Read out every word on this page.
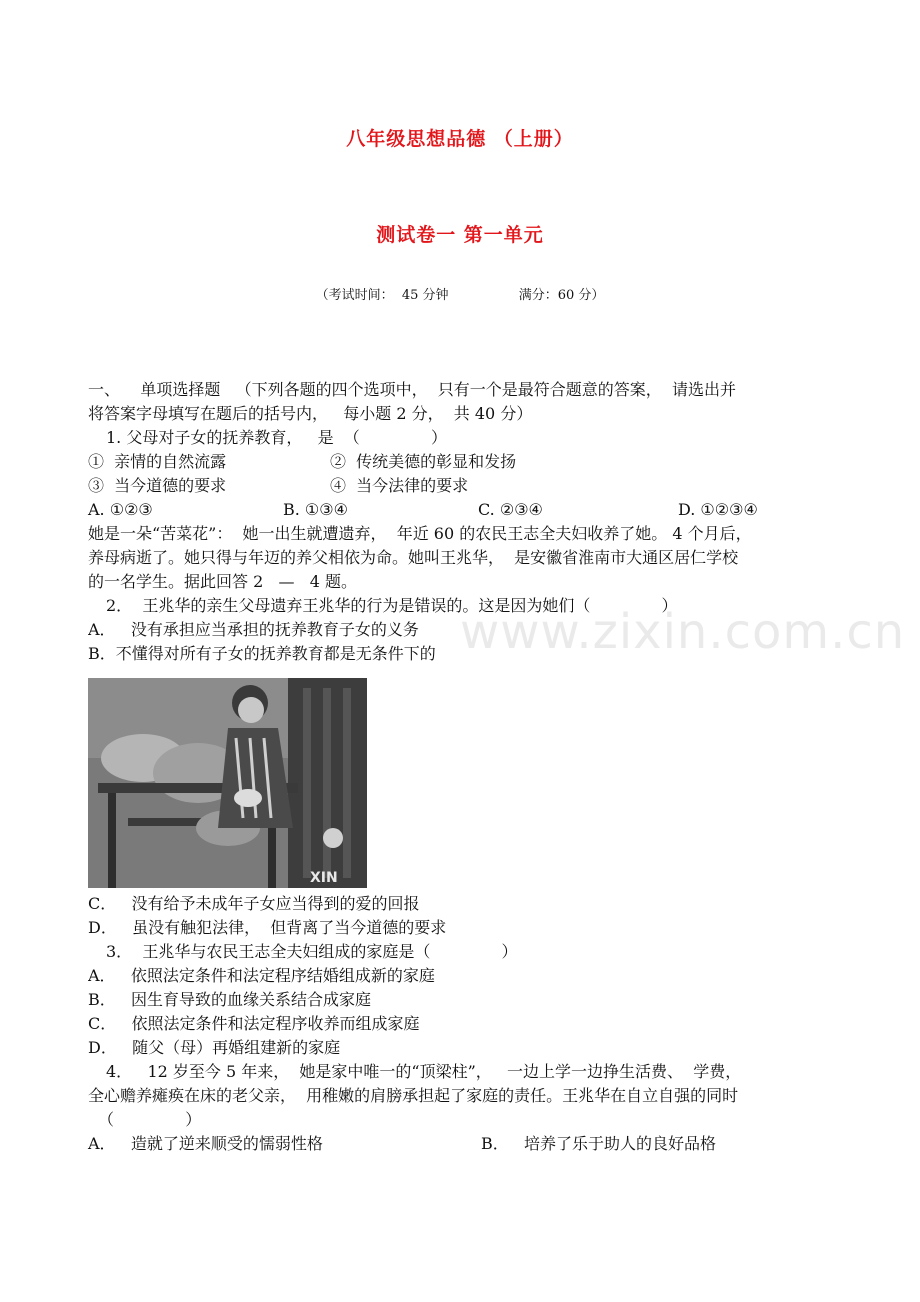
八年级思想品德 （上册）
测试卷一 第一单元
（考试时间：  45 分钟                 满分：60 分）
一、    单项选择题   （下列各题的四个选项中，  只有一个是最符合题意的答案，  请选出并
将答案字母填写在题后的括号内，   每小题 2 分，  共 40 分）
1. 父母对子女的抚养教育，   是  （              ）
①  亲情的自然流露	②  传统美德的彰显和发扬
③  当今道德的要求	④  当今法律的要求
A. ①②③	B. ①③④	C. ②③④	D. ①②③④
她是一朵“苦菜花”：  她一出生就遭遗弃，  年近 60 的农民王志全夫妇收养了她。 4 个月后，
养母病逝了。她只得与年迈的养父相依为命。她叫王兆华，  是安徽省淮南市大通区居仁学校
的一名学生。据此回答 2   —   4 题。
2．  王兆华的亲生父母遗弃王兆华的行为是错误的。这是因为她们（              ）
A．   没有承担应当承担的抚养教育子女的义务
B．不懂得对所有子女的抚养教育都是无条件下的
XIN
C．   没有给予未成年子女应当得到的爱的回报
D．   虽没有触犯法律，  但背离了当今道德的要求
3．  王兆华与农民王志全夫妇组成的家庭是（              ）
A．   依照法定条件和法定程序结婚组成新的家庭
B．   因生育导致的血缘关系结合成家庭
C．   依照法定条件和法定程序收养而组成家庭
D．   随父（母）再婚组建新的家庭
4．   12 岁至今 5 年来，  她是家中唯一的“顶梁柱”，   一边上学一边挣生活费、  学费，
全心赡养瘫痪在床的老父亲，  用稚嫩的肩膀承担起了家庭的责任。王兆华在自立自强的同时
（              ）
A．   造就了逆来顺受的懦弱性格	B．   培养了乐于助人的良好品格
www.zixin.com.cn
